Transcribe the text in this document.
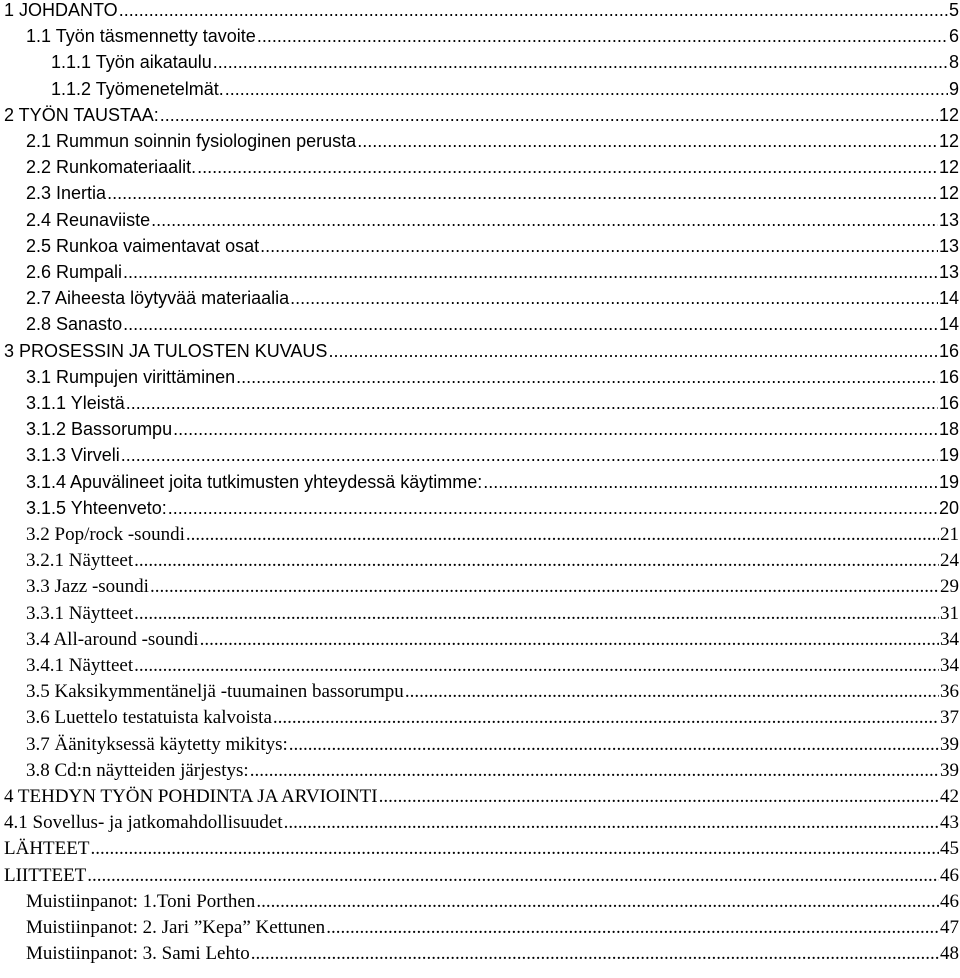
1 JOHDANTO .....	5
1.1 Työn täsmennetty tavoite .....	6
1.1.1 Työn aikataulu .....	8
1.1.2 Työmenetelmät. .....	9
2 TYÖN TAUSTAA: .....	12
2.1 Rummun soinnin fysiologinen perusta .....	12
2.2 Runkomateriaalit. .....	12
2.3 Inertia .....	12
2.4 Reunaviiste .....	13
2.5 Runkoa vaimentavat osat .....	13
2.6 Rumpali .....	13
2.7 Aiheesta löytyvää materiaalia .....	14
2.8 Sanasto .....	14
3 PROSESSIN JA TULOSTEN KUVAUS .....	16
3.1 Rumpujen virittäminen .....	16
3.1.1 Yleistä .....	16
3.1.2 Bassorumpu .....	18
3.1.3 Virveli .....	19
3.1.4 Apuvälineet joita tutkimusten yhteydessä käytimme: .....	19
3.1.5 Yhteenveto: .....	20
3.2 Pop/rock -soundi .....	21
3.2.1 Näytteet .....	24
3.3 Jazz -soundi .....	29
3.3.1 Näytteet .....	31
3.4 All-around -soundi .....	34
3.4.1 Näytteet .....	34
3.5 Kaksikymmentäneljä -tuumainen bassorumpu .....	36
3.6 Luettelo testatuista kalvoista .....	37
3.7 Äänityksessä käytetty mikitys: .....	39
3.8 Cd:n näytteiden järjestys: .....	39
4 TEHDYN TYÖN POHDINTA JA ARVIOINTI .....	42
4.1 Sovellus- ja jatkomahdollisuudet .....	43
LÄHTEET .....	45
LIITTEET .....	46
Muistiinpanot: 1.Toni Porthen .....	46
Muistiinpanot: 2. Jari ”Kepa” Kettunen .....	47
Muistiinpanot: 3. Sami Lehto .....	48
